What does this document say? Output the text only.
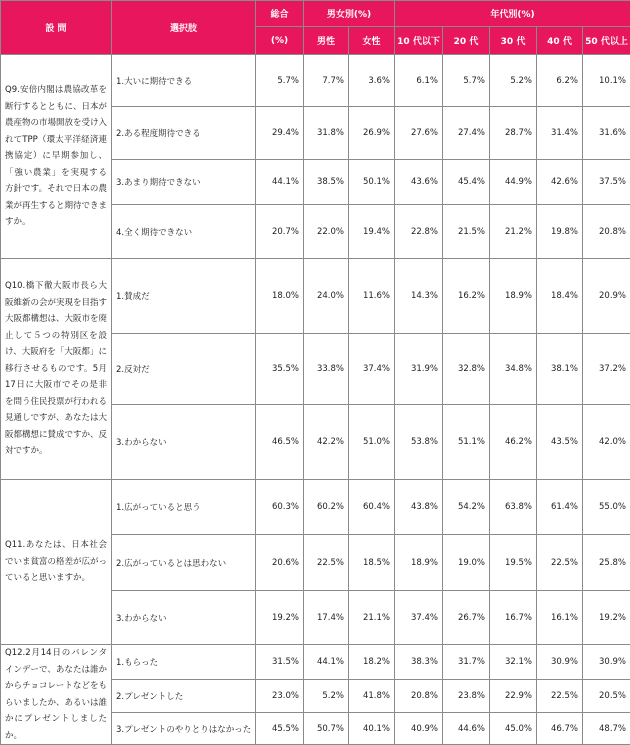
設 問	選択肢	総合	男女別(%)		年代別(%)				
		(%)	男性	女性	10 代以下	20 代	30 代	40 代	50 代以上
Q9.安倍内閣は農協改革を断行するとともに、日本が農産物の市場開放を受け入れてTPP（環太平洋経済連携協定）に早期参加し、「強い農業」を実現する方針です。それで日本の農業が再生すると期待できますか。	1.大いに期待できる	5.7%	7.7%	3.6%	6.1%	5.7%	5.2%	6.2%	10.1%
	2.ある程度期待できる	29.4%	31.8%	26.9%	27.6%	27.4%	28.7%	31.4%	31.6%
	3.あまり期待できない	44.1%	38.5%	50.1%	43.6%	45.4%	44.9%	42.6%	37.5%
	4.全く期待できない	20.7%	22.0%	19.4%	22.8%	21.5%	21.2%	19.8%	20.8%
Q10.橋下徹大阪市長ら大阪維新の会が実現を目指す大阪都構想は、大阪市を廃止して５つの特別区を設け、大阪府を「大阪都」に移行させるものです。5月17日に大阪市でその是非を問う住民投票が行われる見通しですが、あなたは大阪都構想に賛成ですか、反対ですか。	1.賛成だ	18.0%	24.0%	11.6%	14.3%	16.2%	18.9%	18.4%	20.9%
	2.反対だ	35.5%	33.8%	37.4%	31.9%	32.8%	34.8%	38.1%	37.2%
	3.わからない	46.5%	42.2%	51.0%	53.8%	51.1%	46.2%	43.5%	42.0%
Q11.あなたは、日本社会でいま貧富の格差が広がっていると思いますか。	1.広がっていると思う	60.3%	60.2%	60.4%	43.8%	54.2%	63.8%	61.4%	55.0%
	2.広がっているとは思わない	20.6%	22.5%	18.5%	18.9%	19.0%	19.5%	22.5%	25.8%
	3.わからない	19.2%	17.4%	21.1%	37.4%	26.7%	16.7%	16.1%	19.2%
Q12.2月14日のバレンタインデーで、あなたは誰かからチョコレートなどをもらいましたか、あるいは誰かにプレゼントしましたか。	1.もらった	31.5%	44.1%	18.2%	38.3%	31.7%	32.1%	30.9%	30.9%
	2.プレゼントした	23.0%	5.2%	41.8%	20.8%	23.8%	22.9%	22.5%	20.5%
	3.プレゼントのやりとりはなかった	45.5%	50.7%	40.1%	40.9%	44.6%	45.0%	46.7%	48.7%
